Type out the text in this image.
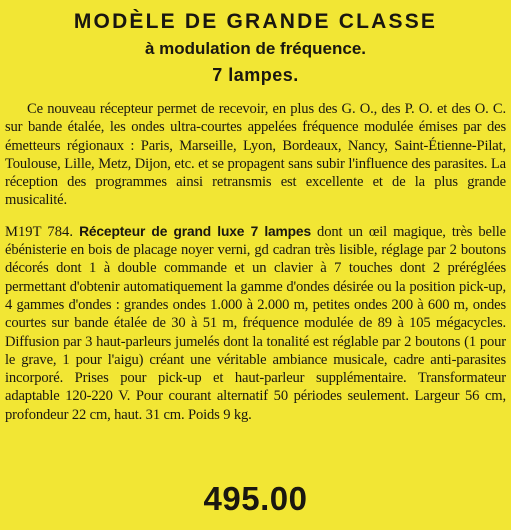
MODÈLE DE GRANDE CLASSE
à modulation de fréquence.
7 lampes.

Ce nouveau récepteur permet de recevoir, en plus des G. O., des P. O. et des O. C. sur bande étalée, les ondes ultra-courtes appelées fréquence modulée émises par des émetteurs régionaux : Paris, Marseille, Lyon, Bordeaux, Nancy, Saint-Étienne-Pilat, Toulouse, Lille, Metz, Dijon, etc. et se propagent sans subir l'influence des parasites. La réception des programmes ainsi retransmis est excellente et de la plus grande musicalité.

M19T 784. Récepteur de grand luxe 7 lampes dont un œil magique, très belle ébénisterie en bois de placage noyer verni, gd cadran très lisible, réglage par 2 boutons décorés dont 1 à double commande et un clavier à 7 touches dont 2 préréglées permettant d'obtenir automatiquement la gamme d'ondes désirée ou la position pick-up, 4 gammes d'ondes : grandes ondes 1.000 à 2.000 m, petites ondes 200 à 600 m, ondes courtes sur bande étalée de 30 à 51 m, fréquence modulée de 89 à 105 mégacycles. Diffusion par 3 haut-parleurs jumelés dont la tonalité est réglable par 2 boutons (1 pour le grave, 1 pour l'aigu) créant une véritable ambiance musicale, cadre anti-parasites incorporé. Prises pour pick-up et haut-parleur supplémentaire. Transformateur adaptable 120-220 V. Pour courant alternatif 50 périodes seulement. Largeur 56 cm, profondeur 22 cm, haut. 31 cm. Poids 9 kg.

495.00
